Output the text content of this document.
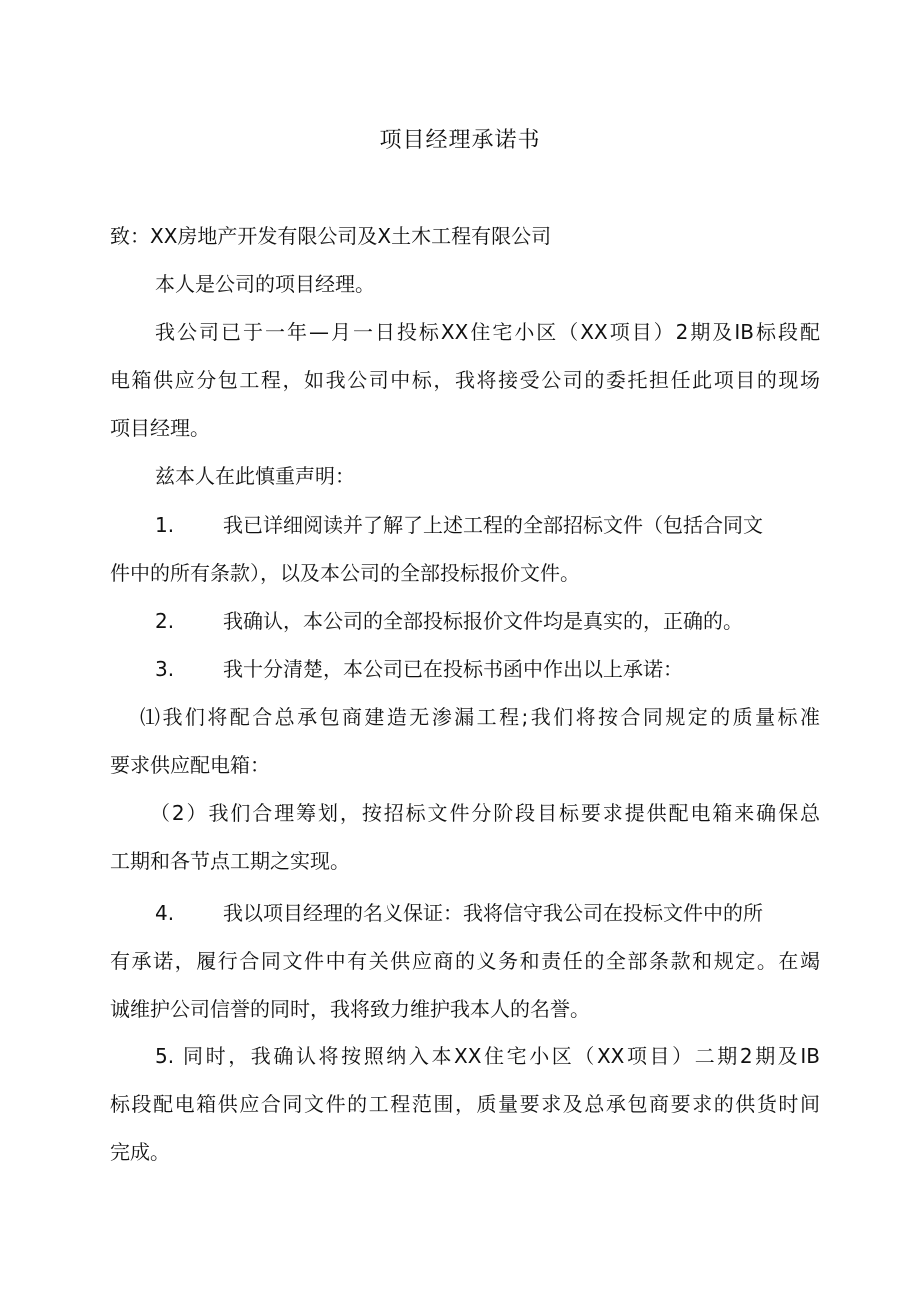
项目经理承诺书
致：XX房地产开发有限公司及X土木工程有限公司
本人是公司的项目经理。
我公司已于一年—月一日投标XX住宅小区（XX项目）2期及IB标段配
电箱供应分包工程，如我公司中标，我将接受公司的委托担任此项目的现场
项目经理。
兹本人在此慎重声明：
1. 我已详细阅读并了解了上述工程的全部招标文件（包括合同文
件中的所有条款），以及本公司的全部投标报价文件。
2. 我确认，本公司的全部投标报价文件均是真实的，正确的。
3. 我十分清楚，本公司已在投标书函中作出以上承诺：
⑴我们将配合总承包商建造无渗漏工程;我们将按合同规定的质量标准
要求供应配电箱：
（2）我们合理筹划，按招标文件分阶段目标要求提供配电箱来确保总
工期和各节点工期之实现。
4. 我以项目经理的名义保证：我将信守我公司在投标文件中的所
有承诺，履行合同文件中有关供应商的义务和责任的全部条款和规定。在竭
诚维护公司信誉的同时，我将致力维护我本人的名誉。
5. 同时，我确认将按照纳入本XX住宅小区（XX项目）二期2期及IB
标段配电箱供应合同文件的工程范围，质量要求及总承包商要求的供货时间
完成。
